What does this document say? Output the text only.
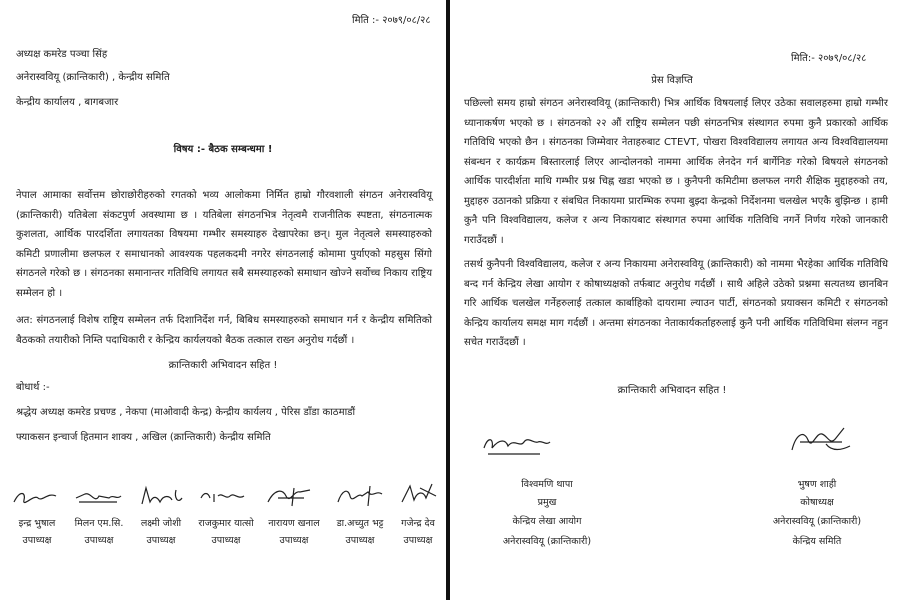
मिति :- २०७९/०८/२८
अध्यक्ष कमरेड पञ्चा सिंह
अनेरास्ववियू (क्रान्तिकारी) , केन्द्रीय समिति
केन्द्रीय कार्यालय , बागबजार
विषय :- बैठक सम्बन्धमा !
नेपाल आमाका सर्वोत्तम छोराछोरीहरुको रगतको भव्य आलोकमा निर्मित हाम्रो गौरवशाली संगठन अनेरास्ववियू (क्रान्तिकारी) यतिबेला संकटपुर्ण अवस्थामा छ । यतिबेला संगठनभित्र नेतृत्वमै राजनीतिक स्पष्टता, संगठनात्मक कुशलता, आर्थिक पारदर्शिता लगायतका विषयमा गम्भीर समस्याहरु देखापरेका छन्। मुल नेतृत्वले समस्याहरुको कमिटी प्रणालीमा छलफल र समाधानको आवश्यक पहलकदमी नगरेर संगठनलाई कोमामा पुर्याएको महसुस सिंगो संगठनले गरेको छ । संगठनका समानान्तर गतिविधि लगायत सबै समस्याहरुको समाधान खोज्ने सर्वोच्च निकाय राष्ट्रिय सम्मेलन हो ।
अत: संगठनलाई विशेष राष्ट्रिय सम्मेलन तर्फ दिशानिर्देश गर्न, बिबिध समस्याहरुको समाधान गर्न र केन्द्रीय समितिको बैठकको तयारीको निम्ति पदाधिकारी र केन्द्रिय कार्यलयको बैठक तत्काल राख्न अनुरोध गर्दछौं ।
क्रान्तिकारी अभिवादन सहित !
बोधार्थ :-
श्रद्धेय अध्यक्ष कमरेड प्रचण्ड , नेकपा (माओवादी केन्द्र) केन्द्रीय कार्यलय , पेरिस डाँडा काठमाडौं
फ्याकसन इन्चार्ज हितमान शाक्य , अखिल (क्रान्तिकारी) केन्द्रीय समिति
इन्द्र भुषाल	मिलन एम.सि.	लक्ष्मी जोशी	राजकुमार यात्सो	नारायण खनाल	डा.अच्युत भट्ट	गजेन्द्र देव
उपाध्यक्ष	उपाध्यक्ष	उपाध्यक्ष	उपाध्यक्ष	उपाध्यक्ष	उपाध्यक्ष	उपाध्यक्ष
मिति:- २०७९/०८/२८
प्रेस विज्ञप्ति
पछिल्लो समय हाम्रो संगठन अनेरास्ववियू (क्रान्तिकारी) भित्र आर्थिक विषयलाई लिएर उठेका सवालहरुमा हाम्रो गम्भीर ध्यानाकर्षण भएको छ । संगठनको २२ औं राष्ट्रिय सम्मेलन पछी संगठनभित्र संस्थागत रुपमा कुनै प्रकारको आर्थिक गतिविधि भएको छैन । संगठनका जिम्मेवार नेताहरुबाट CTEVT, पोखरा विश्वविद्यालय लगायत अन्य विश्वविद्यालयमा संबन्धन र कार्यक्रम बिस्तारलाई लिएर आन्दोलनको नाममा आर्थिक लेनदेन गर्न बार्गेनिङ गरेको बिषयले संगठनको आर्थिक पारदीर्शता माथि गम्भीर प्रश्न चिह्न खडा भएको छ । कुनैपनी कमिटीमा छलफल नगरी शैक्षिक मुद्दाहरुको तय, मुद्दाहरु उठानको प्रक्रिया र संबधित निकायमा प्रारम्भिक रुपमा बुझ्दा केन्द्रको निर्देशनमा चलखेल भएकै बुझिन्छ । हामी कुनै पनि विश्वविद्यालय, कलेज र अन्य निकायबाट संस्थागत रुपमा आर्थिक गतिविधि नगर्ने निर्णय गरेको जानकारी गराउँदछौं ।
तसर्थ कुनैपनी विश्वविद्यालय, कलेज र अन्य निकायमा अनेरास्ववियू (क्रान्तिकारी) को नाममा भैरहेका आर्थिक गतिविधि बन्द गर्न केन्द्रिय लेखा आयोग र कोषाध्यक्षको तर्फबाट अनुरोध गर्दछौं । साथै अहिले उठेको प्रश्नमा सत्यतथ्य छानबिन गरि आर्थिक चलखेल गर्नेहरुलाई तत्काल कार्बाहिको दायरामा ल्याउन पार्टी, संगठनको प्रयाक्सन कमिटी र संगठनको केन्द्रिय कार्यालय समक्ष माग गर्दछौं । अन्तमा संगठनका नेताकार्यकर्ताहरुलाई कुनै पनी आर्थिक गतिविधिमा संलग्न नहुन सचेत गराउँदछौं ।
क्रान्तिकारी अभिवादन सहित !
विश्वमणि थापा
प्रमुख
केन्द्रिय लेखा आयोग
अनेरास्ववियू (क्रान्तिकारी)
भुषण शाही
कोषाध्यक्ष
अनेरास्ववियू (क्रान्तिकारी)
केन्द्रिय समिति
